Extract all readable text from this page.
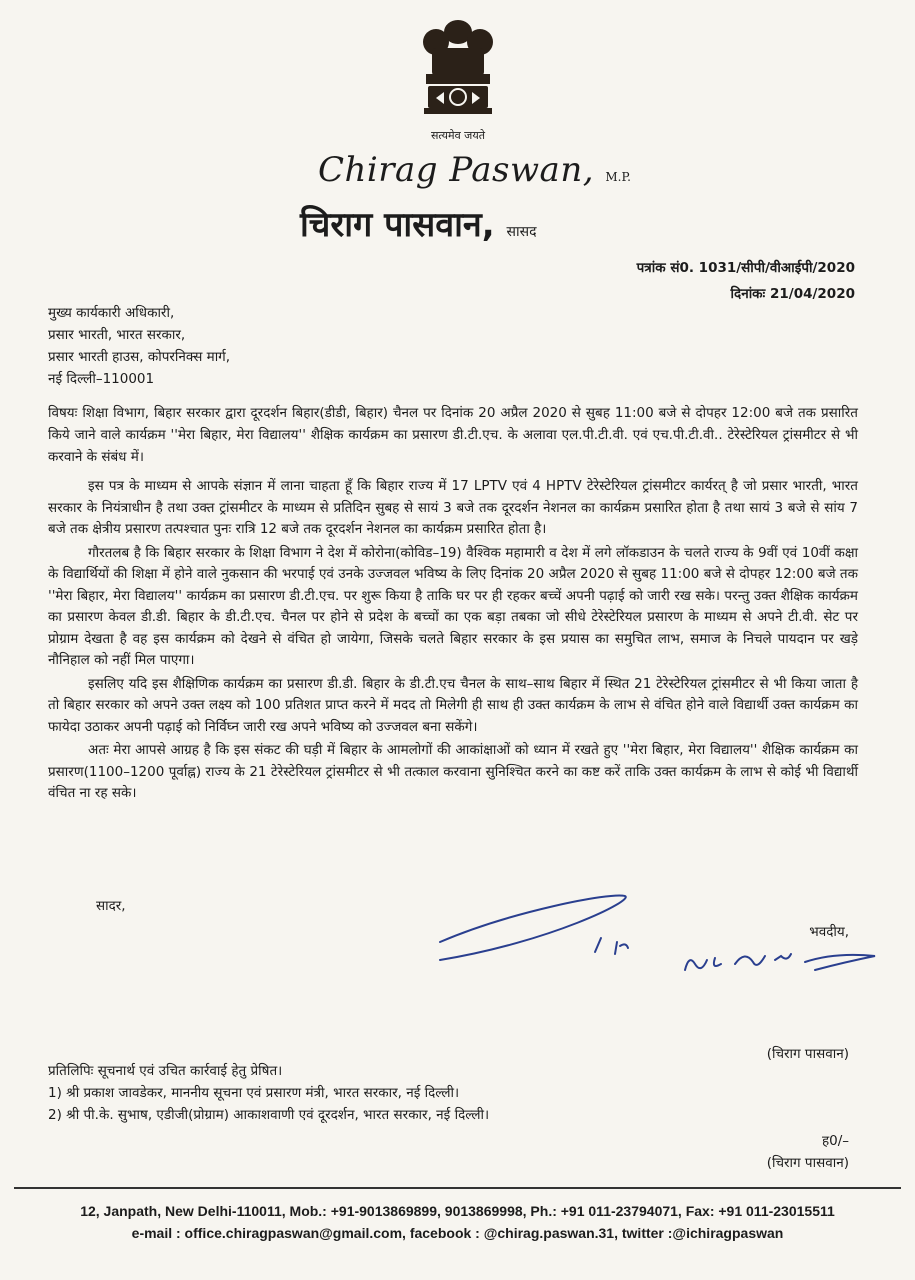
सत्यमेव जयते
Chirag Paswan, M.P.
चिराग पासवान, सासद
पत्रांक सं0. 1031/सीपी/वीआईपी/2020
दिनांकः 21/04/2020
मुख्य कार्यकारी अधिकारी,
प्रसार भारती, भारत सरकार,
प्रसार भारती हाउस, कोपरनिक्स मार्ग,
नई दिल्ली–110001
विषयः शिक्षा विभाग, बिहार सरकार द्वारा दूरदर्शन बिहार(डीडी, बिहार) चैनल पर दिनांक 20 अप्रैल 2020 से सुबह 11:00 बजे से दोपहर 12:00 बजे तक प्रसारित किये जाने वाले कार्यक्रम ''मेरा बिहार, मेरा विद्यालय'' शैक्षिक कार्यक्रम का प्रसारण डी.टी.एच. के अलावा एल.पी.टी.वी. एवं एच.पी.टी.वी.. टेरेस्टेरियल ट्रांसमीटर से भी करवाने के संबंध में।

इस पत्र के माध्यम से आपके संज्ञान में लाना चाहता हूँ कि बिहार राज्य में 17 LPTV एवं 4 HPTV टेरेस्टेरियल ट्रांसमीटर कार्यरत् है जो प्रसार भारती, भारत सरकार के नियंत्राधीन है तथा उक्त ट्रांसमीटर के माध्यम से प्रतिदिन सुबह से सायं 3 बजे तक दूरदर्शन नेशनल का कार्यक्रम प्रसारित होता है तथा सायं 3 बजे से सांय 7 बजे तक क्षेत्रीय प्रसारण तत्पश्चात पुनः रात्रि 12 बजे तक दूरदर्शन नेशनल का कार्यक्रम प्रसारित होता है।

गौरतलब है कि बिहार सरकार के शिक्षा विभाग ने देश में कोरोना(कोविड–19) वैश्विक महामारी व देश में लगे लॉकडाउन के चलते राज्य के 9वीं एवं 10वीं कक्षा के विद्यार्थियों की शिक्षा में होने वाले नुकसान की भरपाई एवं उनके उज्जवल भविष्य के लिए दिनांक 20 अप्रैल 2020 से सुबह 11:00 बजे से दोपहर 12:00 बजे तक ''मेरा बिहार, मेरा विद्यालय'' कार्यक्रम का प्रसारण डी.टी.एच. पर शुरू किया है ताकि घर पर ही रहकर बच्चें अपनी पढ़ाई को जारी रख सके। परन्तु उक्त शैक्षिक कार्यक्रम का प्रसारण केवल डी.डी. बिहार के डी.टी.एच. चैनल पर होने से प्रदेश के बच्चों का एक बड़ा तबका जो सीधे टेरेस्टेरियल प्रसारण के माध्यम से अपने टी.वी. सेट पर प्रोग्राम देखता है वह इस कार्यक्रम को देखने से वंचित हो जायेगा, जिसके चलते बिहार सरकार के इस प्रयास का समुचित लाभ, समाज के निचले पायदान पर खड़े नौनिहाल को नहीं मिल पाएगा।

इसलिए यदि इस शैक्षिणिक कार्यक्रम का प्रसारण डी.डी. बिहार के डी.टी.एच चैनल के साथ–साथ बिहार में स्थित 21 टेरेस्टेरियल ट्रांसमीटर से भी किया जाता है तो बिहार सरकार को अपने उक्त लक्ष्य को 100 प्रतिशत प्राप्त करने में मदद तो मिलेगी ही साथ ही उक्त कार्यक्रम के लाभ से वंचित होने वाले विद्यार्थी उक्त कार्यक्रम का फायेदा उठाकर अपनी पढ़ाई को निर्विघ्न जारी रख अपने भविष्य को उज्जवल बना सकेंगे।

अतः मेरा आपसे आग्रह है कि इस संकट की घड़ी में बिहार के आमलोगों की आकांक्षाओं को ध्यान में रखते हुए ''मेरा बिहार, मेरा विद्यालय'' शैक्षिक कार्यक्रम का प्रसारण(1100–1200 पूर्वाह्न) राज्य के 21 टेरेस्टेरियल ट्रांसमीटर से भी तत्काल करवाना सुनिश्चित करने का कष्ट करें ताकि उक्त कार्यक्रम के लाभ से कोई भी विद्यार्थी वंचित ना रह सके।

सादर,
भवदीय,
(चिराग पासवान)
प्रतिलिपिः सूचनार्थ एवं उचित कार्रवाई हेतु प्रेषित।
1) श्री प्रकाश जावडेकर, माननीय सूचना एवं प्रसारण मंत्री, भारत सरकार, नई दिल्ली।
2) श्री पी.के. सुभाष, एडीजी(प्रोग्राम) आकाशवाणी एवं दूरदर्शन, भारत सरकार, नई दिल्ली।
ह0/–
(चिराग पासवान)
12, Janpath, New Delhi-110011, Mob.: +91-9013869899, 9013869998, Ph.: +91 011-23794071, Fax: +91 011-23015511
e-mail : office.chiragpaswan@gmail.com, facebook : @chirag.paswan.31, twitter :@ichiragpaswan
